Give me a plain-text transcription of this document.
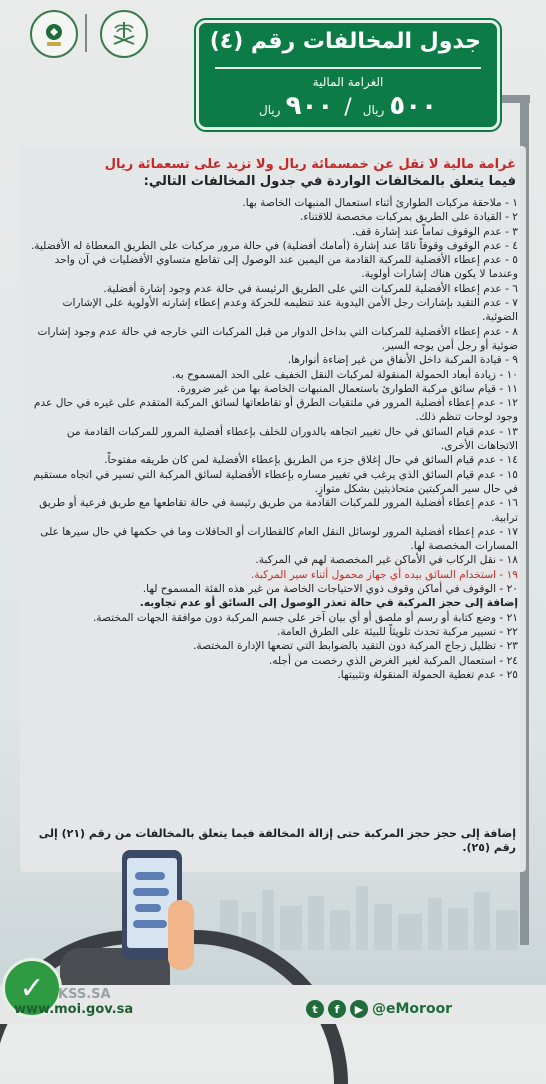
جدول المخالفات رقم (٤)
الغرامة المالية
٥٠٠ ريال / ٩٠٠ ريال
غرامة مالية لا تقل عن خمسمائة ريال ولا تزيد على تسعمائة ريال
فيما يتعلق بالمخالفات الواردة في جدول المخالفات التالي:

١ - ملاحقة مركبات الطوارئ أثناء استعمال المنبهات الخاصة بها.

٢ - القيادة على الطريق بمركبات مخصصة للاقتناء.

٣ - عدم الوقوف تماماً عند إشارة قف.

٤ - عدم الوقوف وقوفاً تامًا عند إشارة (أمامك أفضلية) في حالة مرور مركبات على الطريق المعطاة له الأفضلية.

٥ - عدم إعطاء الأفضلية للمركبة القادمة من اليمين عند الوصول إلى تقاطع متساوي الأفضليات في آن واحد وعندما لا يكون هناك إشارات أولوية.

٦ - عدم إعطاء الأفضلية للمركبات التي على الطريق الرئيسة في حالة عدم وجود إشارة أفضلية.

٧ - عدم التقيد بإشارات رجل الأمن اليدوية عند تنظيمه للحركة وعدم إعطاء إشارته الأولوية على الإشارات الضوئية.

٨ - عدم إعطاء الأفضلية للمركبات التي بداخل الدوار من قبل المركبات التي خارجه في حالة عدم وجود إشارات ضوئية أو رجل أمن يوجه السير.

٩ - قيادة المركبة داخل الأنفاق من غير إضاءة أنوارها.

١٠ - زيادة أبعاد الحمولة المنقولة لمركبات النقل الخفيف على الحد المسموح به.

١١ - قيام سائق مركبة الطوارئ باستعمال المنبهات الخاصة بها من غير ضرورة.

١٢ - عدم إعطاء أفضلية المرور في ملتقيات الطرق أو تقاطعاتها لسائق المركبة المتقدم على غيره في حال عدم وجود لوحات تنظم ذلك.

١٣ - عدم قيام السائق في حال تغيير اتجاهه بالدوران للخلف بإعطاء أفضلية المرور للمركبات القادمة من الاتجاهات الأخرى.

١٤ - عدم قيام السائق في حال إغلاق جزء من الطريق بإعطاء الأفضلية لمن كان طريقه مفتوحاً.

١٥ - عدم قيام السائق الذي يرغب في تغيير مساره بإعطاء الأفضلية لسائق المركبة التي تسير في اتجاه مستقيم في حال سير المركبتين متحاذيتين بشكل متوازٍ.

١٦ - عدم إعطاء أفضلية المرور للمركبات القادمة من طريق رئيسة في حالة تقاطعها مع طريق فرعية أو طريق ترابية.

١٧ - عدم إعطاء أفضلية المرور لوسائل النقل العام كالقطارات أو الحافلات وما في حكمها في حال سيرها على المسارات المخصصة لها.

١٨ - نقل الركاب في الأماكن غير المخصصة لهم في المركبة.

١٩ - استخدام السائق بيده أي جهاز محمول أثناء سير المركبة.

٢٠ - الوقوف في أماكن وقوف ذوي الاحتياجات الخاصة من غير هذه الفئة المسموح لها.

إضافة إلى حجز المركبة في حالة تعذر الوصول إلى السائق أو عدم تجاوبه.

٢١ - وضع كتابة أو رسم أو ملصق أو أي بيان آخر على جسم المركبة دون موافقة الجهات المختصة.

٢٢ - تسيير مركبة تحدث تلويثاً للبيئة على الطرق العامة.

٢٣ - تظليل زجاج المركبة دون التقيد بالضوابط التي تضعها الإدارة المختصة.

٢٤ - استعمال المركبة لغير الغرض الذي رخصت من أجله.

٢٥ - عدم تغطية الحمولة المنقولة وتثبيتها.

إضافة إلى حجز حجز المركبة حتى إزالة المخالفة فيما يتعلق بالمخالفات من رقم (٢١) إلى رقم (٢٥).
✓	KSS.SA
www.moi.gov.sa	t	f	▶ @eMoroor
